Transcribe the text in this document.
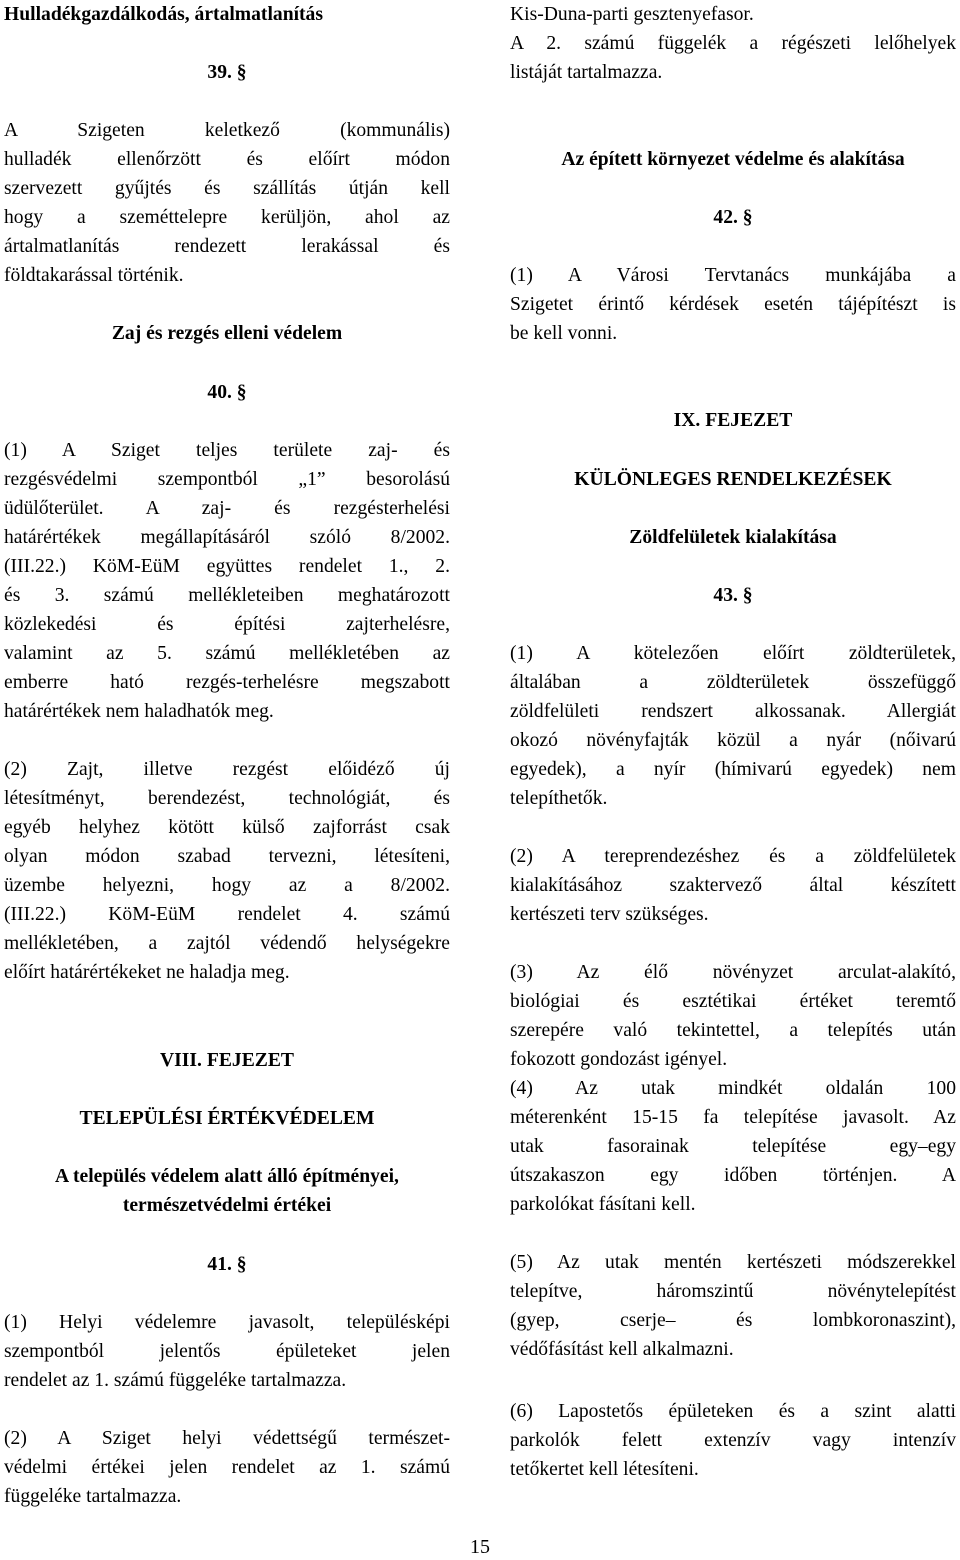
Hulladékgazdálkodás, ártalmatlanítás
39. §
A Szigeten keletkező (kommunális)
hulladék ellenőrzött és előírt módon
szervezett gyűjtés és szállítás útján kell
hogy a szeméttelepre kerüljön, ahol az
ártalmatlanítás rendezett lerakással és
földtakarással történik.
Zaj és rezgés elleni védelem
40. §
(1) A Sziget teljes területe zaj- és
rezgésvédelmi szempontból „1” besorolású
üdülőterület. A zaj- és rezgésterhelési
határértékek megállapításáról szóló 8/2002.
(III.22.) KöM-EüM együttes rendelet 1., 2.
és 3. számú mellékleteiben meghatározott
közlekedési és építési zajterhelésre,
valamint az 5. számú mellékletében az
emberre ható rezgés-terhelésre megszabott
határértékek nem haladhatók meg.
(2) Zajt, illetve rezgést előidéző új
létesítményt, berendezést, technológiát, és
egyéb helyhez kötött külső zajforrást csak
olyan módon szabad tervezni, létesíteni,
üzembe helyezni, hogy az a 8/2002.
(III.22.) KöM-EüM rendelet 4. számú
mellékletében, a zajtól védendő helységekre
előírt határértékeket ne haladja meg.
VIII. FEJEZET
TELEPÜLÉSI ÉRTÉKVÉDELEM
A település védelem alatt álló építményei,
természetvédelmi értékei
41. §
(1) Helyi védelemre javasolt, településképi
szempontból jelentős épületeket jelen
rendelet az 1. számú függeléke tartalmazza.
(2) A Sziget helyi védettségű természet-
védelmi értékei jelen rendelet az 1. számú
függeléke tartalmazza.
Kis-Duna-parti gesztenyefasor.
A 2. számú függelék a régészeti lelőhelyek
listáját tartalmazza.
Az épített környezet védelme és alakítása
42. §
(1) A Városi Tervtanács munkájába a
Szigetet érintő kérdések esetén tájépítészt is
be kell vonni.
IX. FEJEZET
KÜLÖNLEGES RENDELKEZÉSEK
Zöldfelületek kialakítása
43. §
(1) A kötelezően előírt zöldterületek,
általában a zöldterületek összefüggő
zöldfelületi rendszert alkossanak. Allergiát
okozó növényfajták közül a nyár (nőivarú
egyedek), a nyír (hímivarú egyedek) nem
telepíthetők.
(2) A tereprendezéshez és a zöldfelületek
kialakításához szaktervező által készített
kertészeti terv szükséges.
(3) Az élő növényzet arculat-alakító,
biológiai és esztétikai értéket teremtő
szerepére való tekintettel, a telepítés után
fokozott gondozást igényel.
(4) Az utak mindkét oldalán 100
méterenként 15-15 fa telepítése javasolt. Az
utak fasorainak telepítése egy–egy
útszakaszon egy időben történjen. A
parkolókat fásítani kell.
(5) Az utak mentén kertészeti módszerekkel
telepítve, háromszintű növénytelepítést
(gyep, cserje– és lombkoronaszint),
védőfásítást kell alkalmazni.
(6) Lapostetős épületeken és a szint alatti
parkolók felett extenzív vagy intenzív
tetőkertet kell létesíteni.
15
